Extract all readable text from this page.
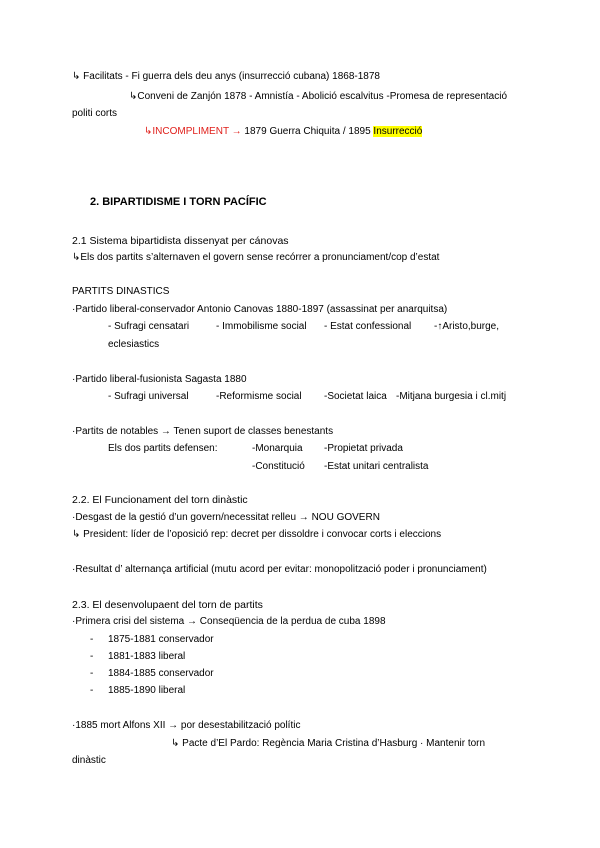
↳ Facilitats - Fi guerra dels deu anys (insurrecció cubana) 1868-1878
↳Conveni de Zanjón 1878 - Amnistía - Abolició escalvitus -Promesa de representació
politi corts
↳INCOMPLIMENT → 1879 Guerra Chiquita / 1895 Insurrecció
2. BIPARTIDISME I TORN PACÍFIC
2.1 Sistema bipartidista dissenyat per cánovas
↳Els dos partits s’alternaven el govern sense recórrer a pronunciament/cop d’estat
PARTITS DINASTICS
·Partido liberal-conservador Antonio Canovas 1880-1897 (assassinat per anarquitsa)
- Sufragi censatari	- Immobilisme social - Estat confessional -↑Aristo,burge,
eclesiastics
·Partido liberal-fusionista Sagasta 1880
- Sufragi universal	-Reformisme social -Societat laica -Mitjana burgesia i cl.mitj
·Partits de notables → Tenen suport de classes benestants
Els dos partits defensen:	-Monarquia -Propietat privada
-Constitució -Estat unitari centralista
2.2. El Funcionament del torn dinàstic
·Desgast de la gestió d’un govern/necessitat relleu → NOU GOVERN
↳ President: líder de l’oposició rep: decret per dissoldre i convocar corts i eleccions
·Resultat d’ alternança artificial (mutu acord per evitar: monopolització poder i pronunciament)
2.3. El desenvolupaent del torn de partits
·Primera crisi del sistema → Conseqüencia de la perdua de cuba 1898
- 1875-1881 conservador
- 1881-1883 liberal
- 1884-1885 conservador
- 1885-1890 liberal
·1885 mort Alfons XII → por desestabilització polític
↳ Pacte d’El Pardo: Regència Maria Cristina d’Hasburg · Mantenir torn
dinàstic
